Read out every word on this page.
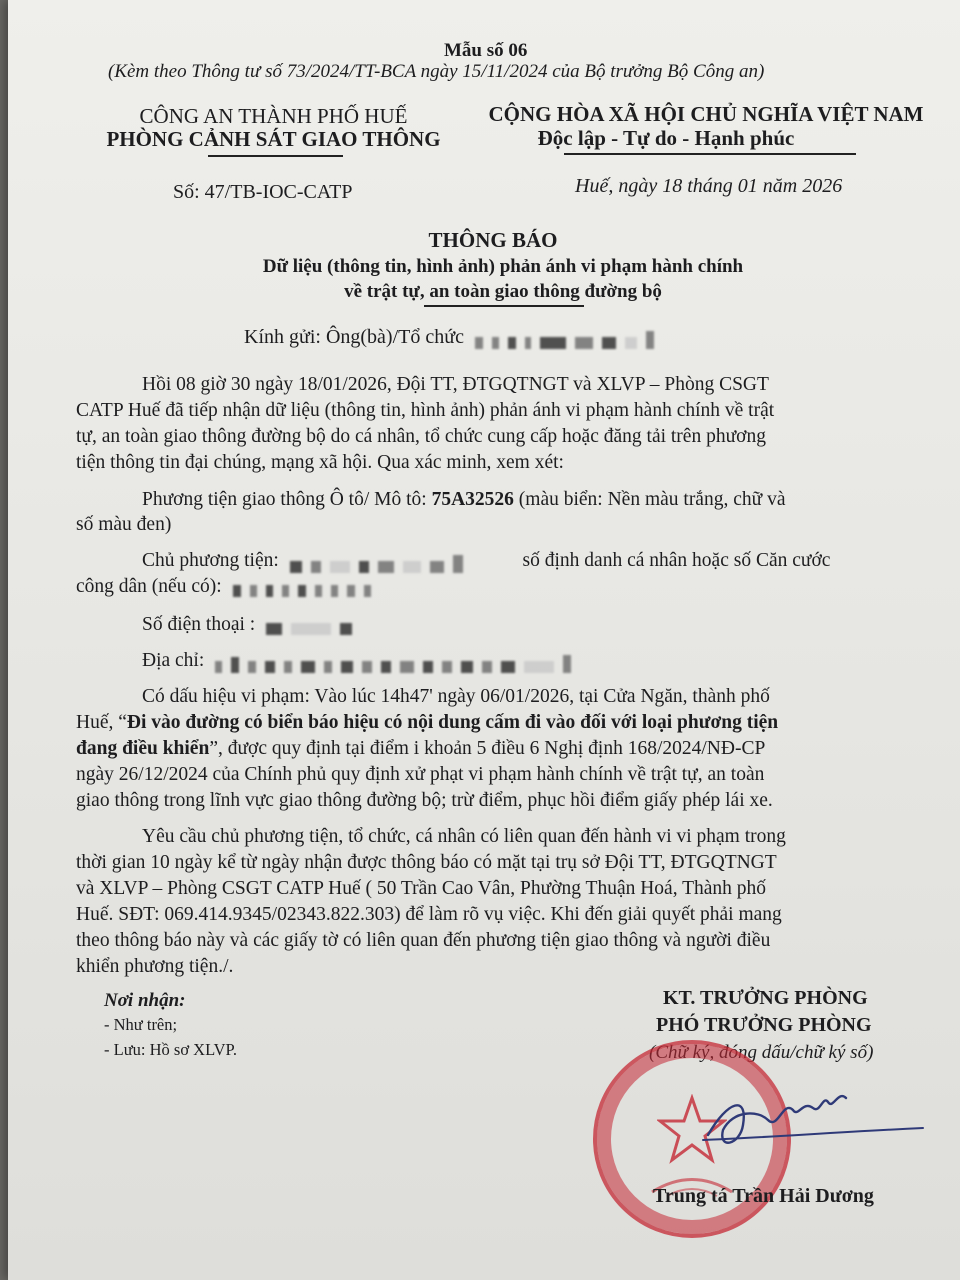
Mẫu số 06
(Kèm theo Thông tư số 73/2024/TT-BCA ngày 15/11/2024 của Bộ trưởng Bộ Công an)
CÔNG AN THÀNH PHỐ HUẾ
PHÒNG CẢNH SÁT GIAO THÔNG
CỘNG HÒA XÃ HỘI CHỦ NGHĨA VIỆT NAM
Độc lập - Tự do - Hạnh phúc
Số: 47/TB-IOC-CATP	Huế, ngày 18 tháng 01 năm 2026
THÔNG BÁO
Dữ liệu (thông tin, hình ảnh) phản ánh vi phạm hành chính
về trật tự, an toàn giao thông đường bộ
Kính gửi: Ông(bà)/Tổ chức
Hồi 08 giờ 30 ngày 18/01/2026, Đội TT, ĐTGQTNGT và XLVP – Phòng CSGT
CATP Huế đã tiếp nhận dữ liệu (thông tin, hình ảnh) phản ánh vi phạm hành chính về trật
tự, an toàn giao thông đường bộ do cá nhân, tổ chức cung cấp hoặc đăng tải trên phương
tiện thông tin đại chúng, mạng xã hội. Qua xác minh, xem xét:
Phương tiện giao thông Ô tô/ Mô tô: 75A32526 (màu biển: Nền màu trắng, chữ và
số màu đen)
Chủ phương tiện:	số định danh cá nhân hoặc số Căn cước
công dân (nếu có):
Số điện thoại :
Địa chỉ:
Có dấu hiệu vi phạm: Vào lúc 14h47' ngày 06/01/2026, tại Cửa Ngăn, thành phố
Huế, “Đi vào đường có biển báo hiệu có nội dung cấm đi vào đối với loại phương tiện
đang điều khiển”, được quy định tại điểm i khoản 5 điều 6 Nghị định 168/2024/NĐ-CP
ngày 26/12/2024 của Chính phủ quy định xử phạt vi phạm hành chính về trật tự, an toàn
giao thông trong lĩnh vực giao thông đường bộ; trừ điểm, phục hồi điểm giấy phép lái xe.
Yêu cầu chủ phương tiện, tổ chức, cá nhân có liên quan đến hành vi vi phạm trong
thời gian 10 ngày kể từ ngày nhận được thông báo có mặt tại trụ sở Đội TT, ĐTGQTNGT
và XLVP – Phòng CSGT CATP Huế ( 50 Trần Cao Vân, Phường Thuận Hoá, Thành phố
Huế. SĐT: 069.414.9345/02343.822.303) để làm rõ vụ việc. Khi đến giải quyết phải mang
theo thông báo này và các giấy tờ có liên quan đến phương tiện giao thông và người điều
khiển phương tiện./.
Nơi nhận:
- Như trên;
- Lưu: Hồ sơ XLVP.
KT. TRƯỞNG PHÒNG
PHÓ TRƯỞNG PHÒNG
(Chữ ký, đóng dấu/chữ ký số)
Trung tá Trần Hải Dương
